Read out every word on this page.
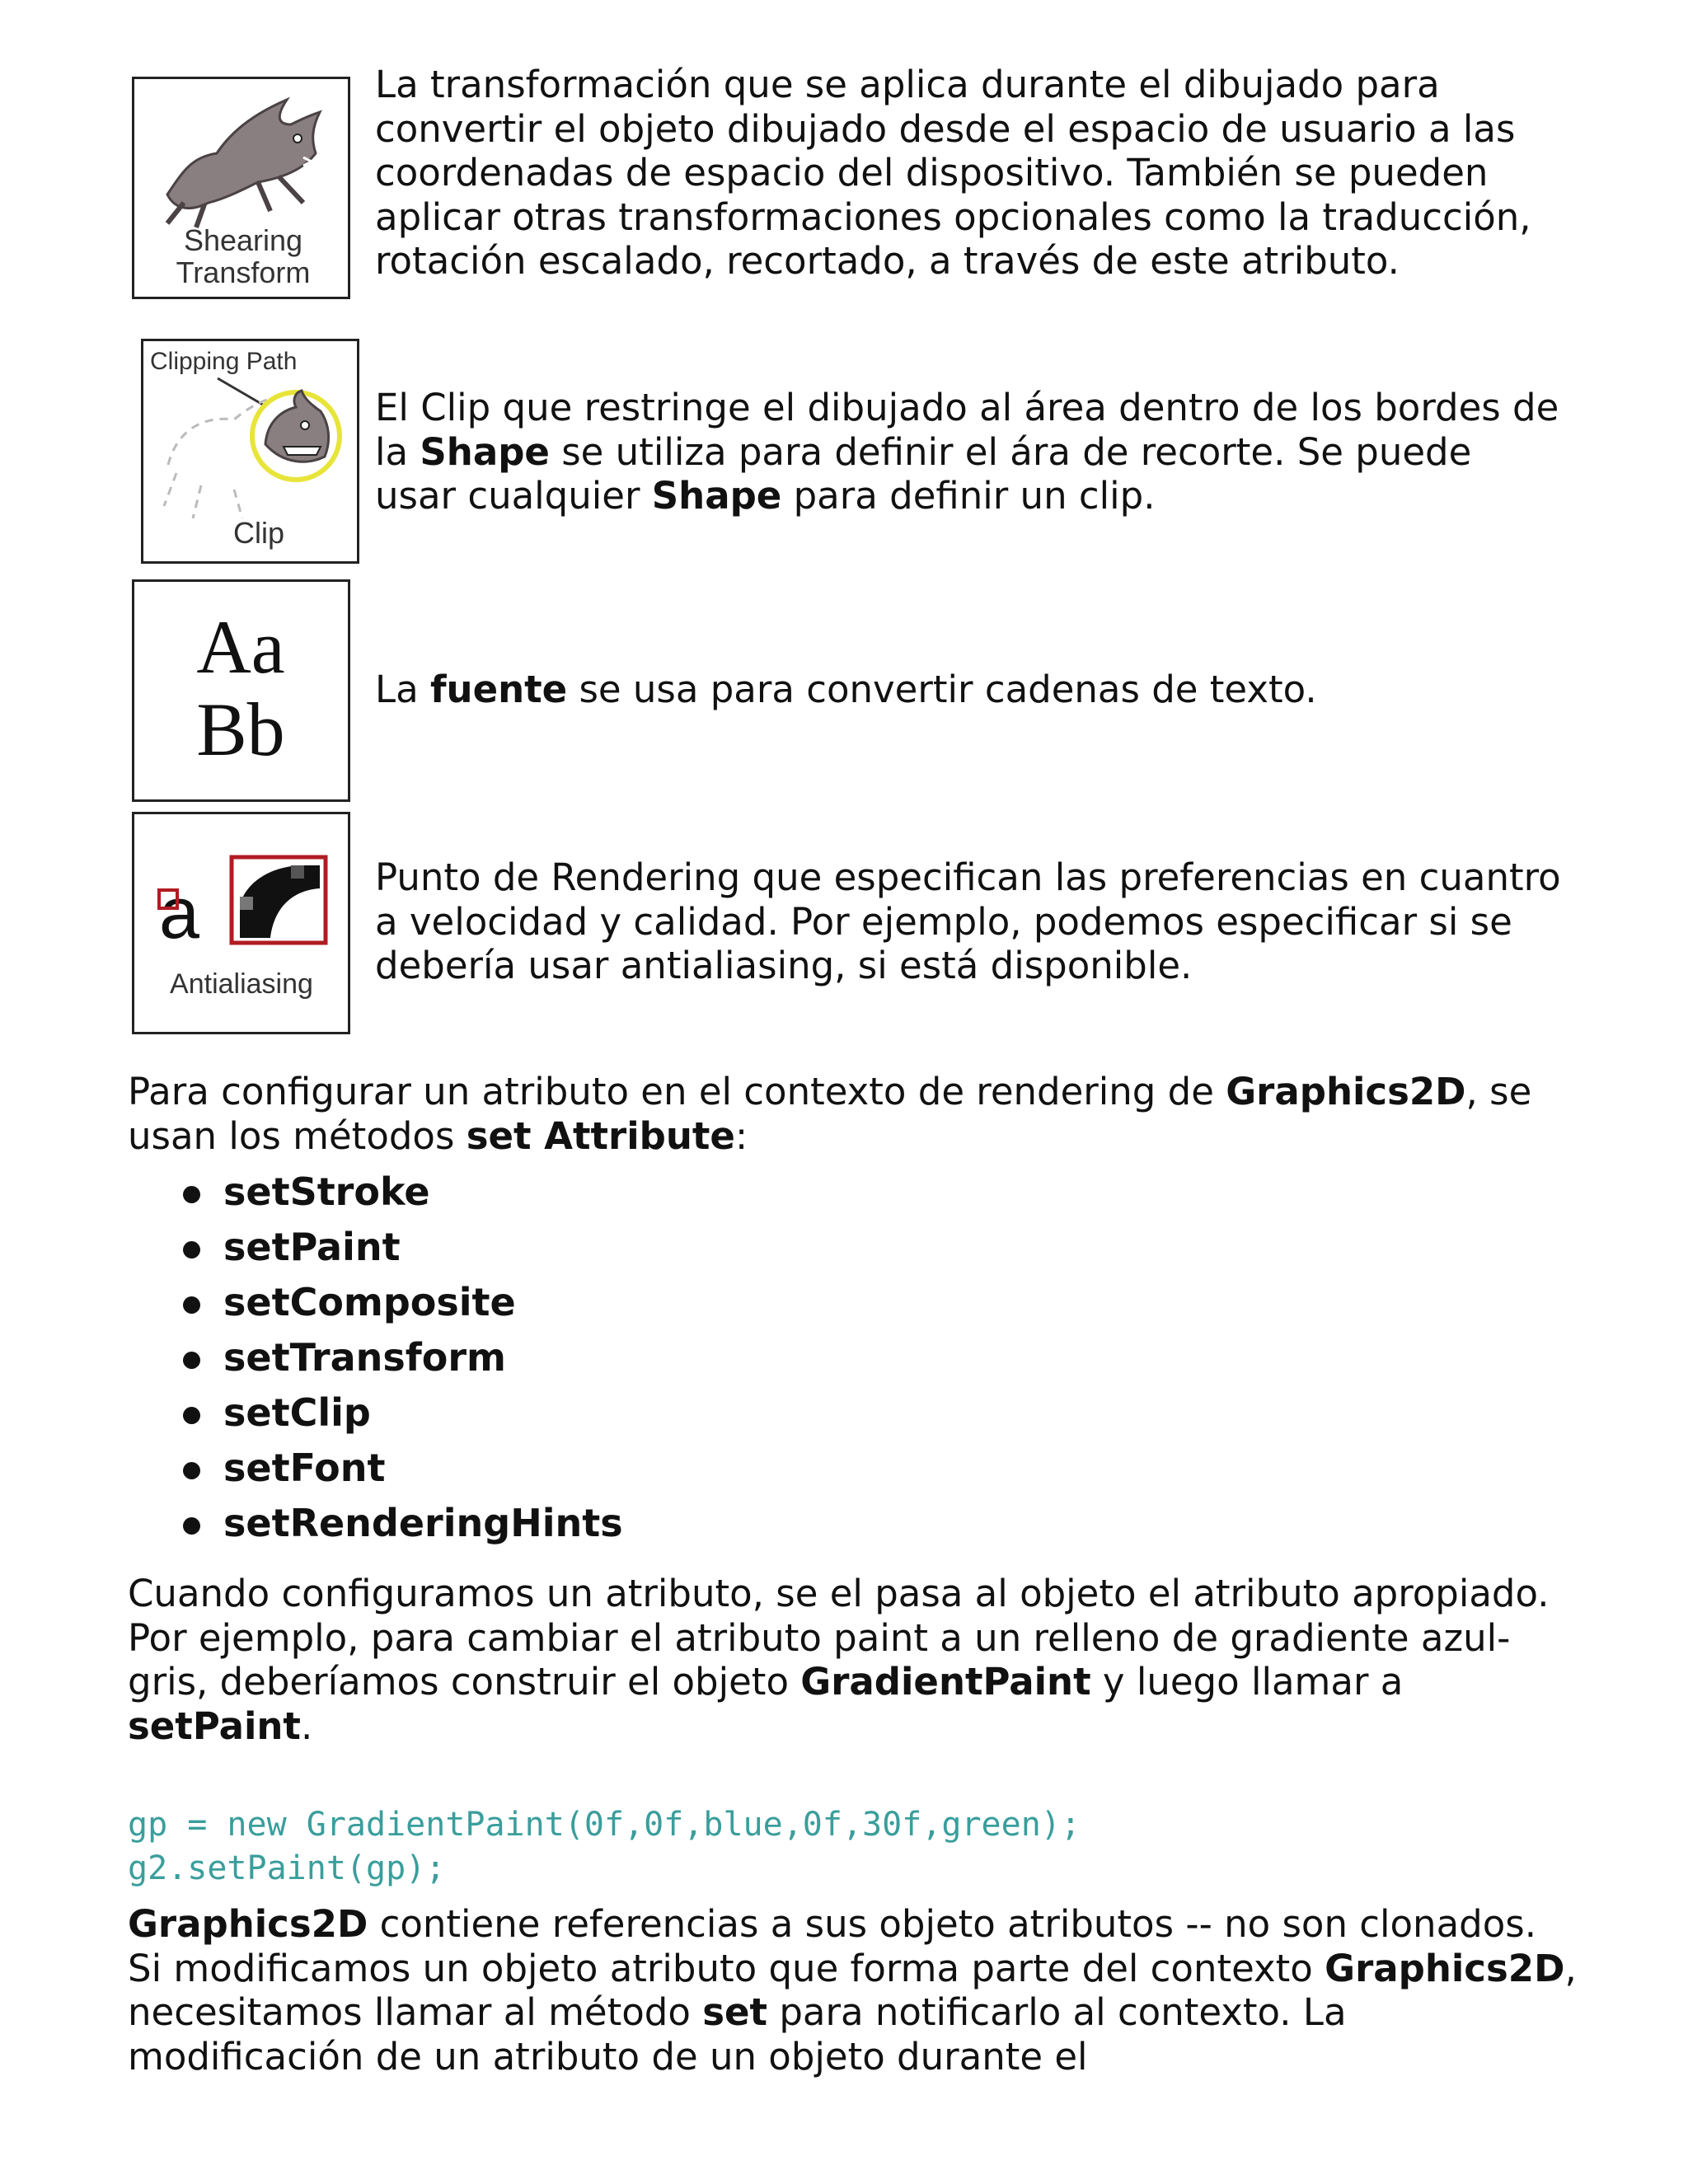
Shearing
Transform
La transformación que se aplica durante el dibujado para convertir el objeto dibujado desde el espacio de usuario a las coordenadas de espacio del dispositivo. También se pueden aplicar otras transformaciones opcionales como la traducción, rotación escalado, recortado, a través de este atributo.
Clipping Path
Clip
El Clip que restringe el dibujado al área dentro de los bordes de la Shape se utiliza para definir el ára de recorte. Se puede usar cualquier Shape para definir un clip.
Aa
Bb La fuente se usa para convertir cadenas de texto.
a
Antialiasing
Punto de Rendering que especifican las preferencias en cuantro a velocidad y calidad. Por ejemplo, podemos especificar si se debería usar antialiasing, si está disponible.
Para configurar un atributo en el contexto de rendering de Graphics2D, se usan los métodos set Attribute:
setStroke
setPaint
setComposite
setTransform
setClip
setFont
setRenderingHints
Cuando configuramos un atributo, se el pasa al objeto el atributo apropiado. Por ejemplo, para cambiar el atributo paint a un relleno de gradiente azul-gris, deberíamos construir el objeto GradientPaint y luego llamar a setPaint.
gp = new GradientPaint(0f,0f,blue,0f,30f,green);
g2.setPaint(gp);
Graphics2D contiene referencias a sus objeto atributos -- no son clonados. Si modificamos un objeto atributo que forma parte del contexto Graphics2D, necesitamos llamar al método set para notificarlo al contexto. La modificación de un atributo de un objeto durante el
